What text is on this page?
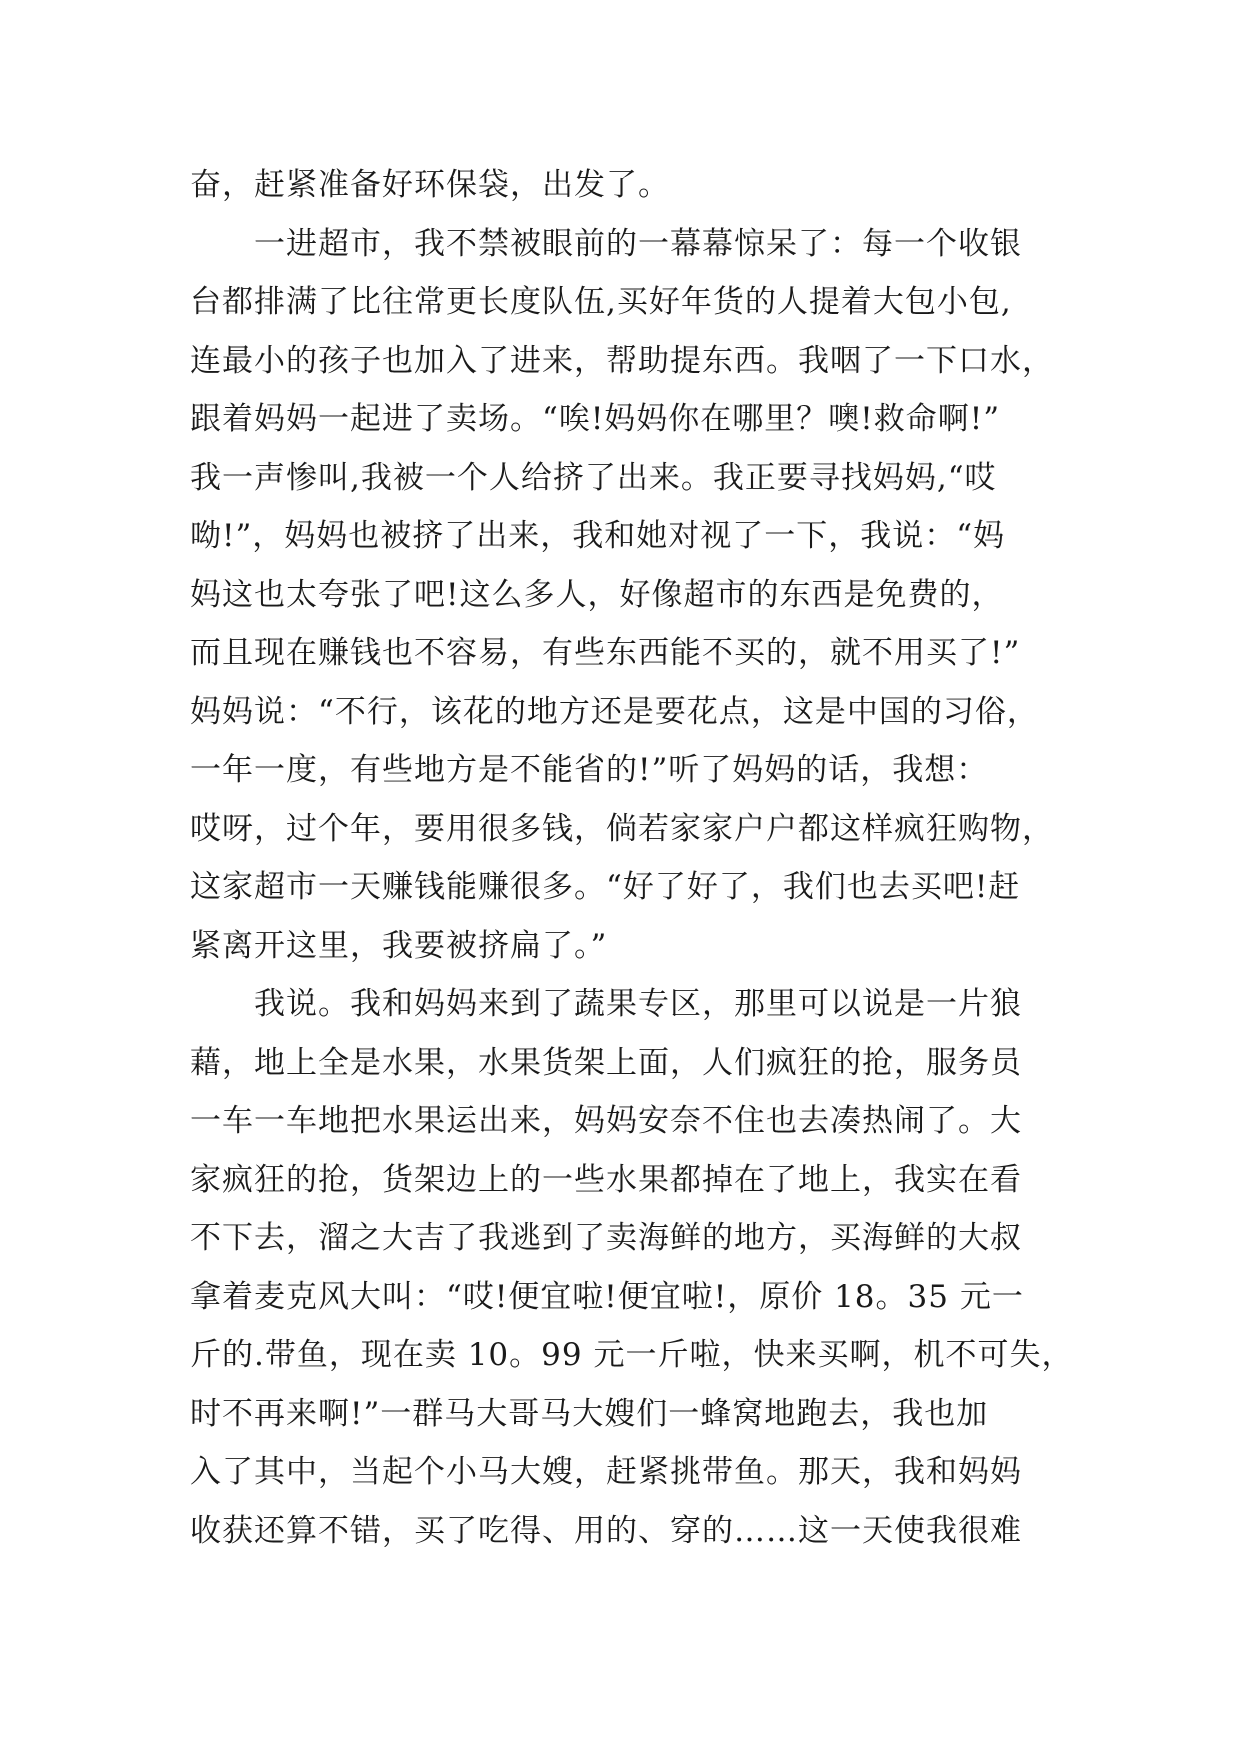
奋，赶紧准备好环保袋，出发了。
　　一进超市，我不禁被眼前的一幕幕惊呆了：每一个收银
台都排满了比往常更长度队伍,买好年货的人提着大包小包,
连最小的孩子也加入了进来，帮助提东西。我咽了一下口水，
跟着妈妈一起进了卖场。“唉!妈妈你在哪里？噢!救命啊!”
我一声惨叫,我被一个人给挤了出来。我正要寻找妈妈,“哎
呦!”，妈妈也被挤了出来，我和她对视了一下，我说：“妈
妈这也太夸张了吧!这么多人，好像超市的东西是免费的，
而且现在赚钱也不容易，有些东西能不买的，就不用买了!”
妈妈说：“不行，该花的地方还是要花点，这是中国的习俗，
一年一度，有些地方是不能省的!”听了妈妈的话，我想：
哎呀，过个年，要用很多钱，倘若家家户户都这样疯狂购物，
这家超市一天赚钱能赚很多。“好了好了，我们也去买吧!赶
紧离开这里，我要被挤扁了。”
　　我说。我和妈妈来到了蔬果专区，那里可以说是一片狼
藉，地上全是水果，水果货架上面，人们疯狂的抢，服务员
一车一车地把水果运出来，妈妈安奈不住也去凑热闹了。大
家疯狂的抢，货架边上的一些水果都掉在了地上，我实在看
不下去，溜之大吉了我逃到了卖海鲜的地方，买海鲜的大叔
拿着麦克风大叫：“哎!便宜啦!便宜啦!，原价 18。35 元一
斤的.带鱼，现在卖 10。99 元一斤啦，快来买啊，机不可失，
时不再来啊!”一群马大哥马大嫂们一蜂窝地跑去，我也加
入了其中，当起个小马大嫂，赶紧挑带鱼。那天，我和妈妈
收获还算不错，买了吃得、用的、穿的……这一天使我很难
